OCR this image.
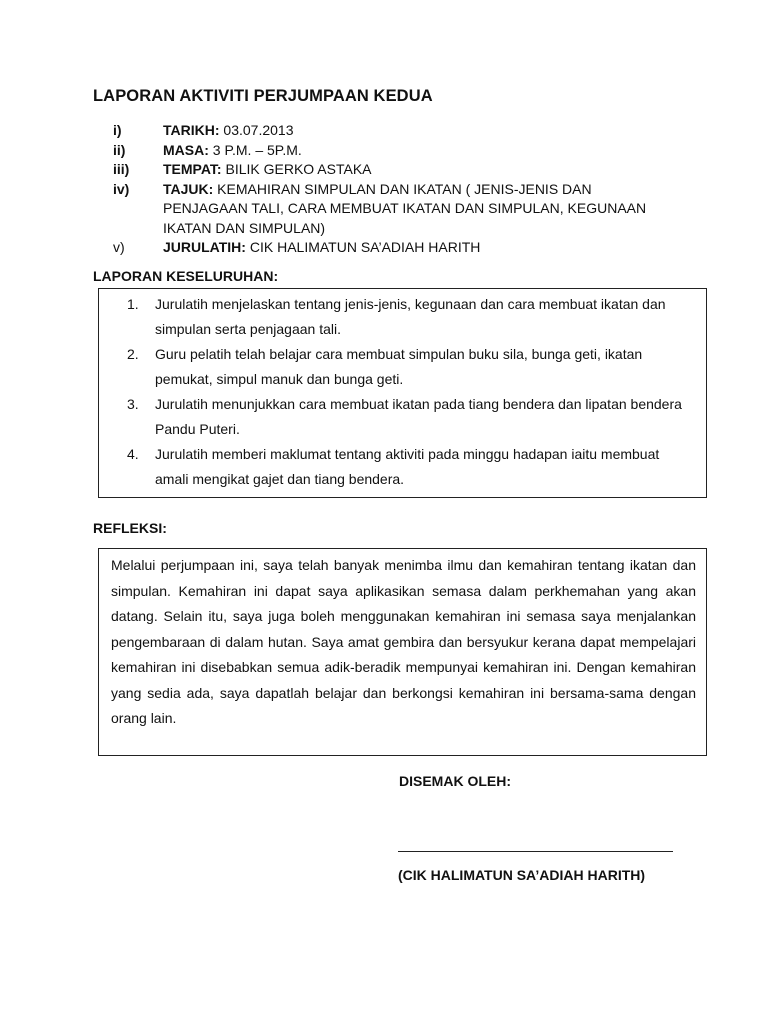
LAPORAN AKTIVITI PERJUMPAAN KEDUA
i)	TARIKH: 03.07.2013
ii)	MASA: 3 P.M. – 5P.M.
iii)	TEMPAT: BILIK GERKO ASTAKA
iv)	TAJUK: KEMAHIRAN SIMPULAN DAN IKATAN ( JENIS-JENIS DAN PENJAGAAN TALI, CARA MEMBUAT IKATAN DAN SIMPULAN, KEGUNAAN IKATAN DAN SIMPULAN)
v)	JURULATIH: CIK HALIMATUN SA’ADIAH HARITH
LAPORAN KESELURUHAN:
1.	Jurulatih menjelaskan tentang jenis-jenis, kegunaan dan cara membuat ikatan dan simpulan serta penjagaan tali.
2.	Guru pelatih telah belajar cara membuat simpulan buku sila, bunga geti, ikatan pemukat, simpul manuk dan bunga geti.
3.	Jurulatih menunjukkan cara membuat ikatan pada tiang bendera dan lipatan bendera Pandu Puteri.
4.	Jurulatih memberi maklumat tentang aktiviti pada minggu hadapan iaitu membuat amali mengikat gajet dan tiang bendera.
REFLEKSI:
Melalui perjumpaan ini, saya telah banyak menimba ilmu dan kemahiran tentang ikatan dan simpulan. Kemahiran ini dapat saya aplikasikan semasa dalam perkhemahan yang akan datang. Selain itu, saya juga boleh menggunakan kemahiran ini semasa saya menjalankan pengembaraan di dalam hutan. Saya amat gembira dan bersyukur kerana dapat mempelajari kemahiran ini disebabkan semua adik-beradik mempunyai kemahiran ini. Dengan kemahiran yang sedia ada, saya dapatlah belajar dan berkongsi kemahiran ini bersama-sama dengan orang lain.
DISEMAK OLEH:
(CIK HALIMATUN SA’ADIAH HARITH)
